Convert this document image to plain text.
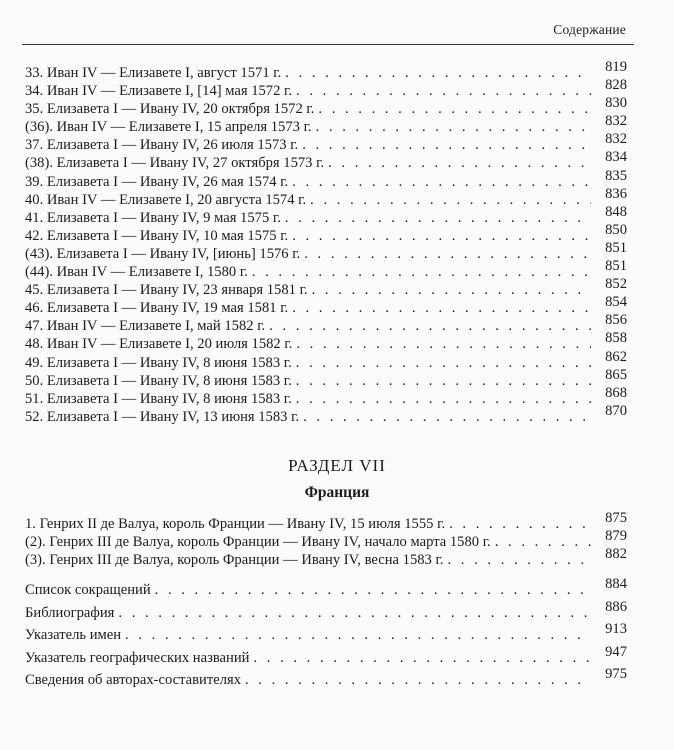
Содержание
33. Иван IV — Елизавете I, август 1571 г. . . .	819
34. Иван IV — Елизавете I, [14] мая 1572 г. . . .	828
35. Елизавета I — Ивану IV, 20 октября 1572 г. . . .	830
(36). Иван IV — Елизавете I, 15 апреля 1573 г. . . .	832
37. Елизавета I — Ивану IV, 26 июля 1573 г. . . .	832
(38). Елизавета I — Ивану IV, 27 октября 1573 г. . . .	834
39. Елизавета I — Ивану IV, 26 мая 1574 г. . . .	835
40. Иван IV — Елизавете I, 20 августа 1574 г. . . .	836
41. Елизавета I — Ивану IV, 9 мая 1575 г. . . .	848
42. Елизавета I — Ивану IV, 10 мая 1575 г. . . .	850
(43). Елизавета I — Ивану IV, [июнь] 1576 г. . . .	851
(44). Иван IV — Елизавете I, 1580 г. . . .	851
45. Елизавета I — Ивану IV, 23 января 1581 г. . . .	852
46. Елизавета I — Ивану IV, 19 мая 1581 г. . . .	854
47. Иван IV — Елизавете I, май 1582 г. . . .	856
48. Иван IV — Елизавете I, 20 июля 1582 г. . . .	858
49. Елизавета I — Ивану IV, 8 июня 1583 г. . . .	862
50. Елизавета I — Ивану IV, 8 июня 1583 г. . . .	865
51. Елизавета I — Ивану IV, 8 июня 1583 г. . . .	868
52. Елизавета I — Ивану IV, 13 июня 1583 г. . . .	870
РАЗДЕЛ VII
Франция
1. Генрих II де Валуа, король Франции — Ивану IV, 15 июля 1555 г. . . .	875
(2). Генрих III де Валуа, король Франции — Ивану IV, начало марта 1580 г. . . .	879
(3). Генрих III де Валуа, король Франции — Ивану IV, весна 1583 г. . . .	882
Список сокращений . . .	884
Библиография . . .	886
Указатель имен . . .	913
Указатель географических названий . . .	947
Сведения об авторах-составителях . . .	975
